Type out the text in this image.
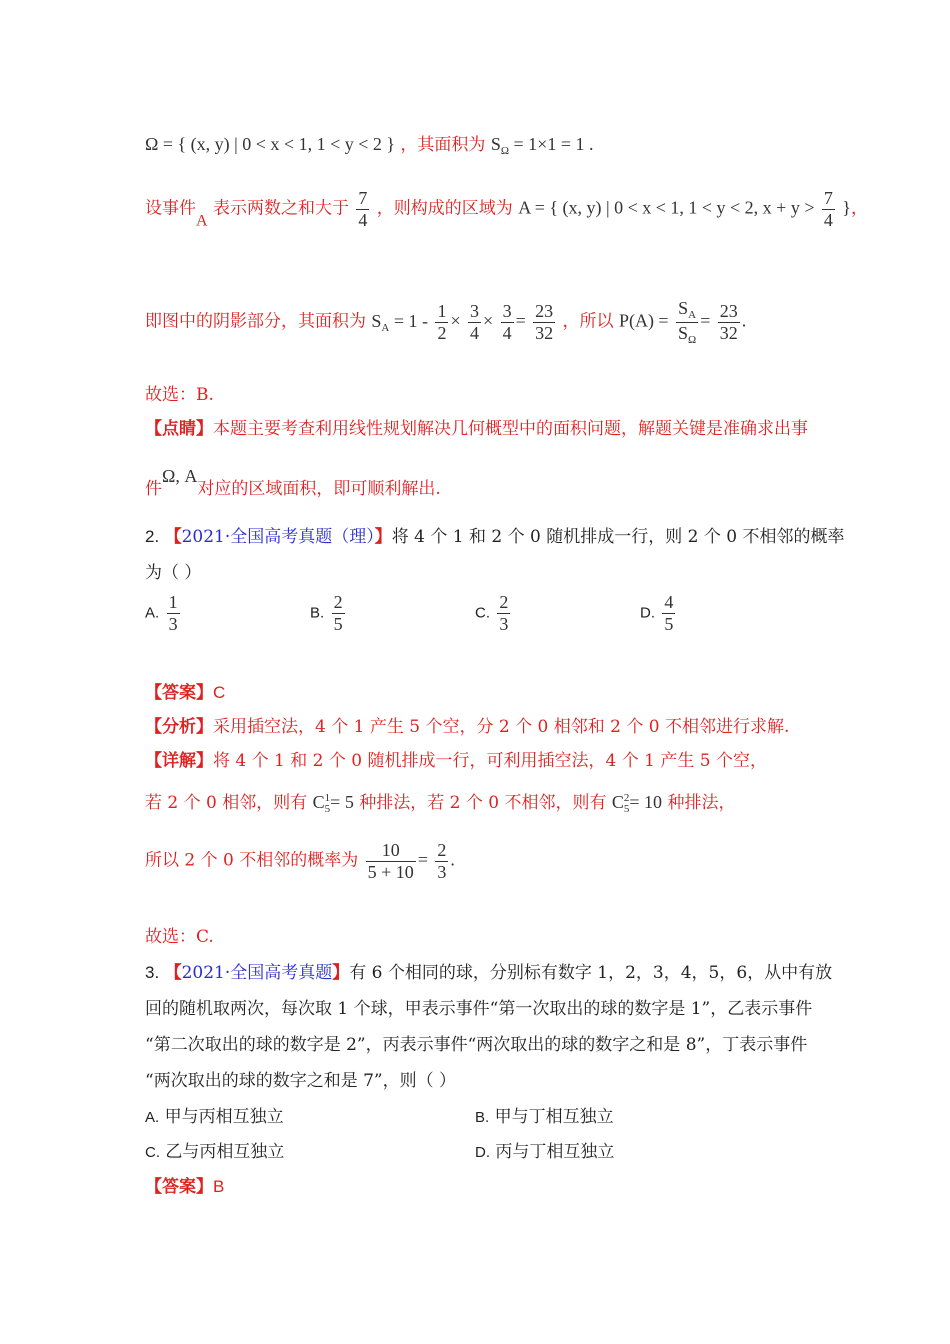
Ω = { (x, y) | 0 < x < 1, 1 < y < 2 } ，其面积为 $S_\Omega = 1\times 1 = 1$ .
设事件A 表示两数之和大于 $\frac{7}{4}$ ，则构成的区域为 A = { (x, y) | 0 < x < 1, 1 < y < 2, $x + y > \frac{7}{4}$ }，
即图中的阴影部分，其面积为 $S_A = 1 - \frac{1}{2} \times \frac{3}{4} \times \frac{3}{4} = \frac{23}{32}$ ，所以 $P(A) = \frac{S_A}{S_\Omega} = \frac{23}{32}$ .
故选：B.
【点睛】本题主要考查利用线性规划解决几何概型中的面积问题，解题关键是准确求出事
件Ω, A对应的区域面积，即可顺利解出.
2. 【2021·全国高考真题（理）】将 4 个 1 和 2 个 0 随机排成一行，则 2 个 0 不相邻的概率
为（ ）
A. $\frac{1}{3}$	B. $\frac{2}{5}$	C. $\frac{2}{3}$	D. $\frac{4}{5}$
【答案】C
【分析】采用插空法，4 个 1 产生 5 个空，分 2 个 0 相邻和 2 个 0 不相邻进行求解.
【详解】将 4 个 1 和 2 个 0 随机排成一行，可利用插空法，4 个 1 产生 5 个空，
若 2 个 0 相邻，则有 C 1
5 = 5 种排法，若 2 个 0 不相邻，则有 C 2
5 = 10 种排法，
所以 2 个 0 不相邻的概率为 $\frac{10}{5 + 10} = \frac{2}{3}$ .
故选：C.
3. 【2021·全国高考真题】有 6 个相同的球，分别标有数字 1，2，3，4，5，6，从中有放
回的随机取两次，每次取 1 个球，甲表示事件“第一次取出的球的数字是 1”，乙表示事件
“第二次取出的球的数字是 2”，丙表示事件“两次取出的球的数字之和是 8”，丁表示事件
“两次取出的球的数字之和是 7”，则（ ）
A. 甲与丙相互独立	B. 甲与丁相互独立
C. 乙与丙相互独立	D. 丙与丁相互独立
【答案】B
